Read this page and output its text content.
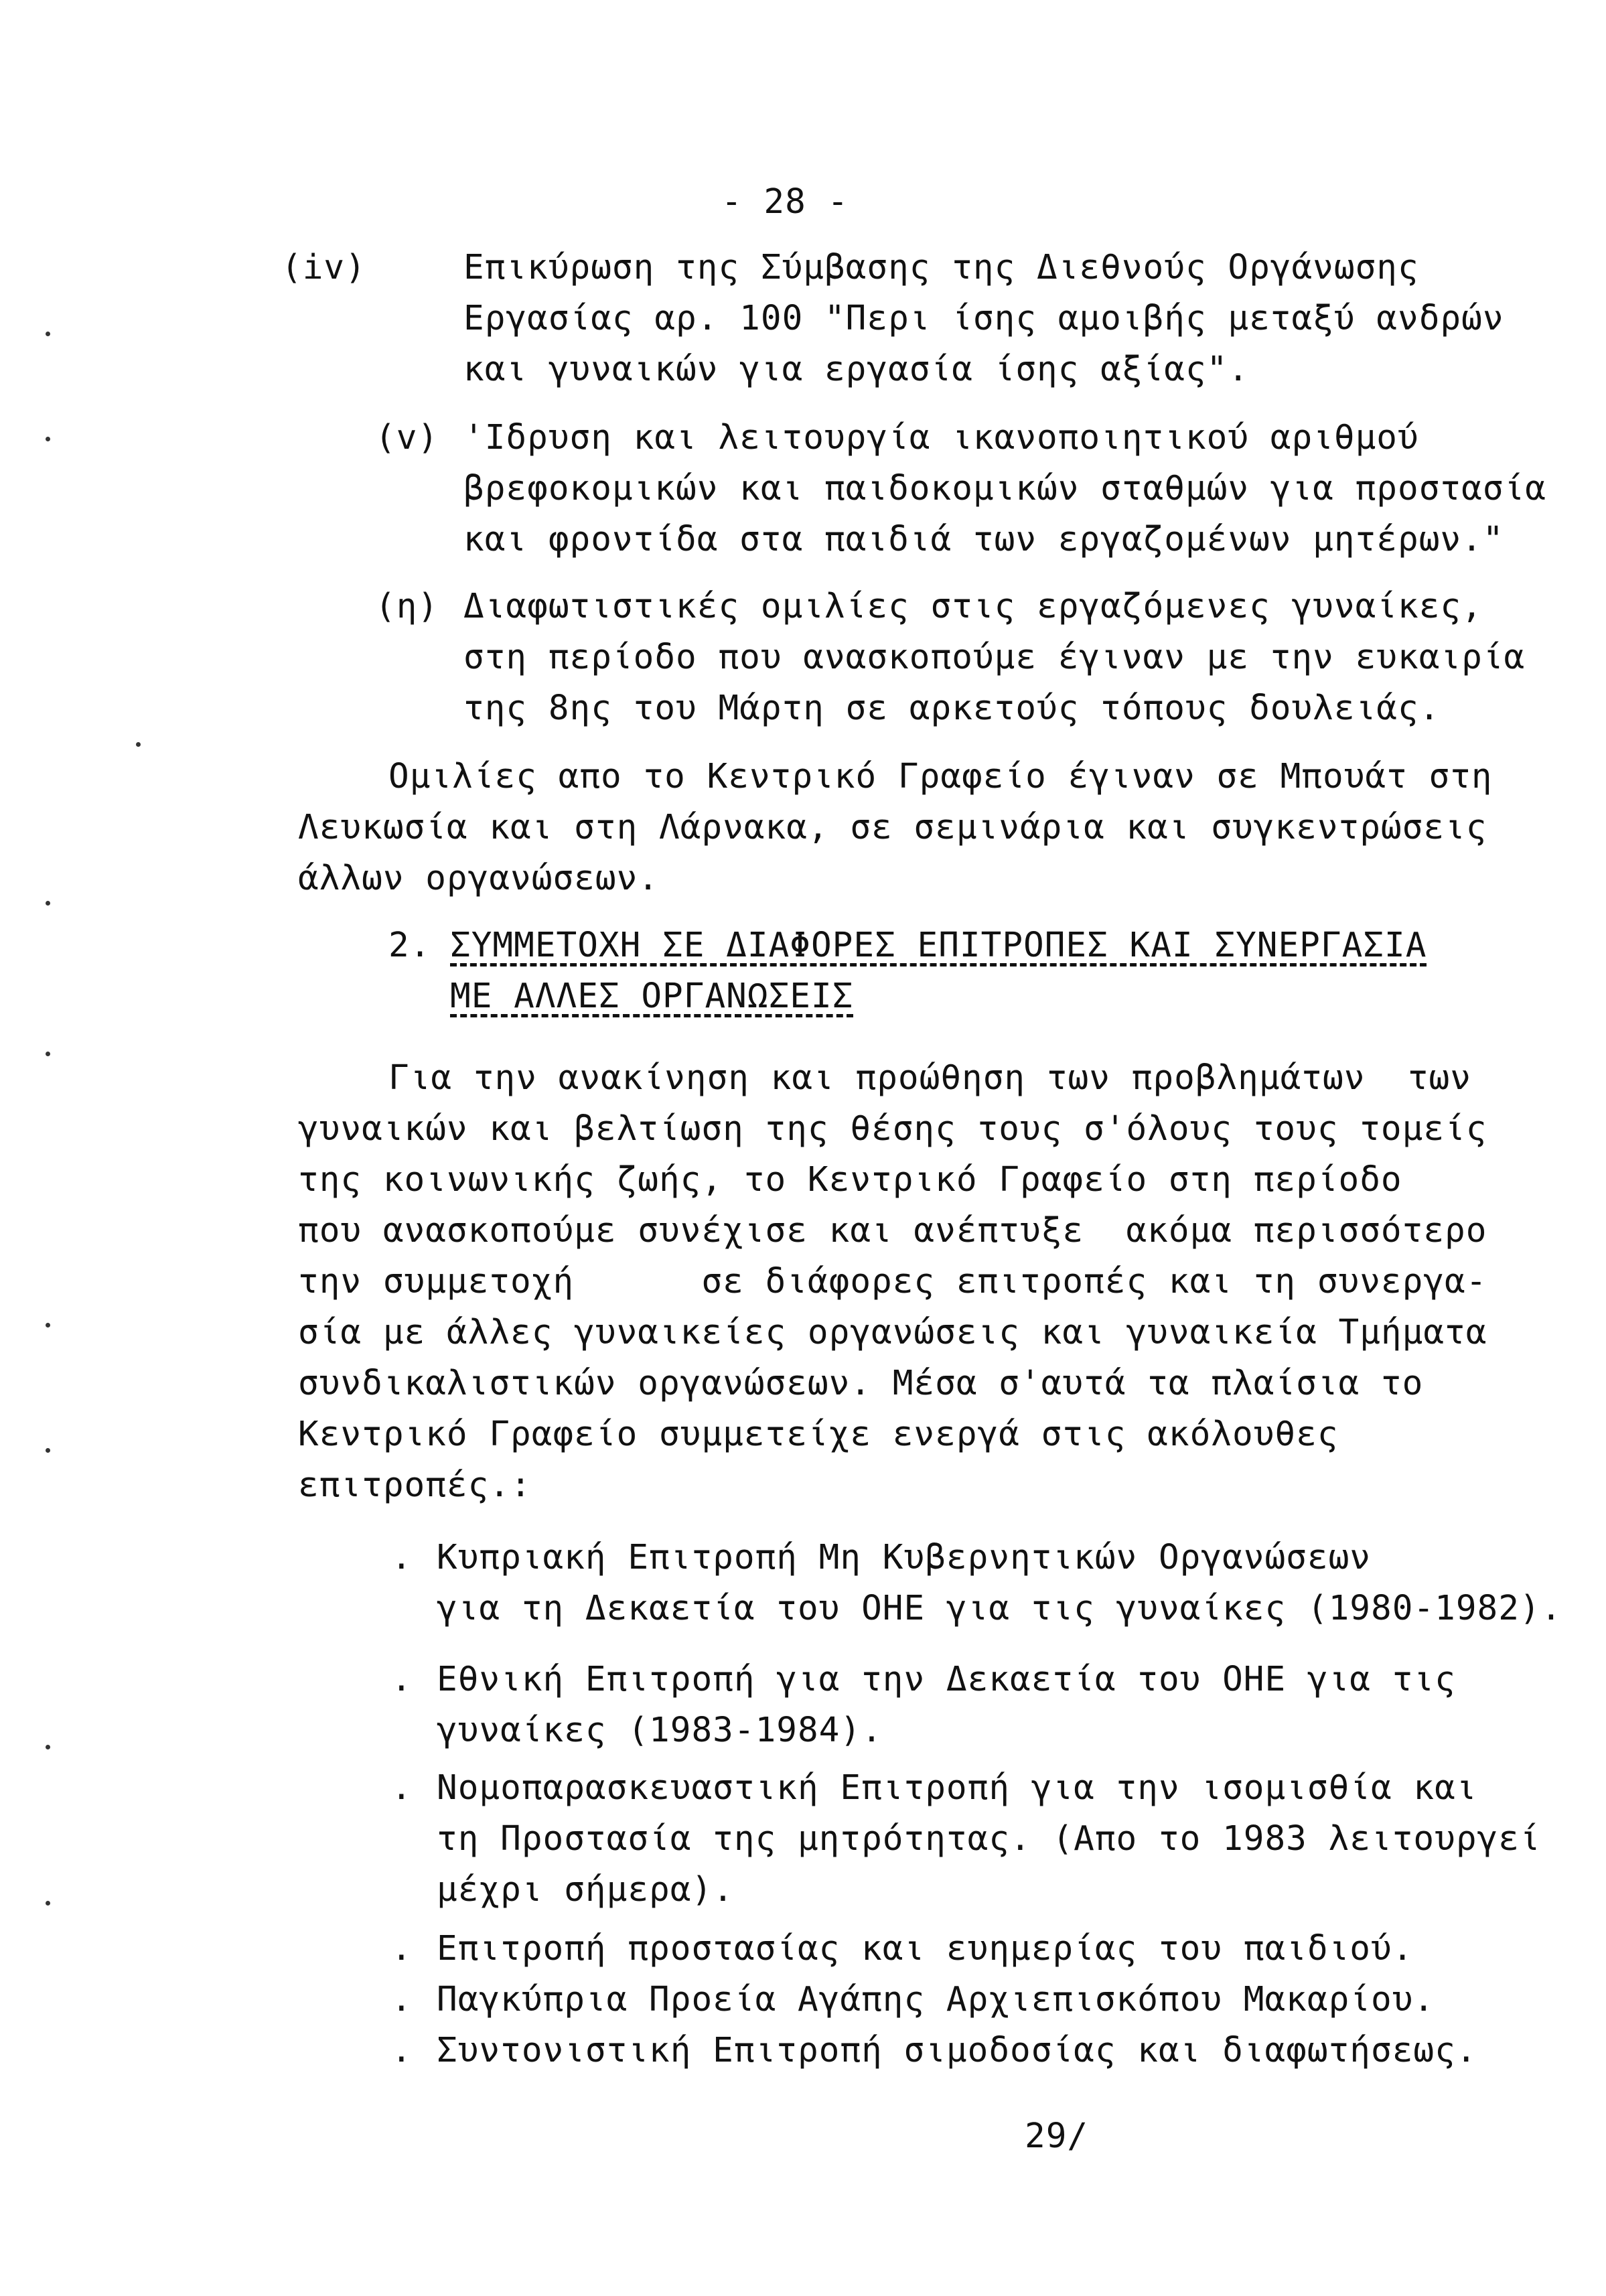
- 28 -
(iv)	Επικύρωση της Σύμβασης της Διεθνούς Οργάνωσης
Εργασίας αρ. 100 "Περι ίσης αμοιβής μεταξύ ανδρών
και γυναικών για εργασία ίσης αξίας".
(v) 'Ιδρυση και λειτουργία ικανοποιητικού αριθμού
βρεφοκομικών και παιδοκομικών σταθμών για προστασία
και φροντίδα στα παιδιά των εργαζομένων μητέρων."
(η) Διαφωτιστικές ομιλίες στις εργαζόμενες γυναίκες,
στη περίοδο που ανασκοπούμε έγιναν με την ευκαιρία
της 8ης του Μάρτη σε αρκετούς τόπους δουλειάς.
Ομιλίες απο το Κεντρικό Γραφείο έγιναν σε Μπουάτ στη
Λευκωσία και στη Λάρνακα, σε σεμινάρια και συγκεντρώσεις
άλλων οργανώσεων.
2. ΣΥΜΜΕΤΟΧΗ ΣΕ ΔΙΑΦΟΡΕΣ ΕΠΙΤΡΟΠΕΣ ΚΑΙ ΣΥΝΕΡΓΑΣΙΑ
ΜΕ ΑΛΛΕΣ ΟΡΓΑΝΩΣΕΙΣ
Για την ανακίνηση και προώθηση των προβλημάτων  των
γυναικών και βελτίωση της θέσης τους σ'όλους τους τομείς
της κοινωνικής ζωής, το Κεντρικό Γραφείο στη περίοδο
που ανασκοπούμε συνέχισε και ανέπτυξε  ακόμα περισσότερο
την συμμετοχή      σε διάφορες επιτροπές και τη συνεργα-
σία με άλλες γυναικείες οργανώσεις και γυναικεία Τμήματα
συνδικαλιστικών οργανώσεων. Μέσα σ'αυτά τα πλαίσια το
Κεντρικό Γραφείο συμμετείχε ενεργά στις ακόλουθες
επιτροπές.:
. Κυπριακή Επιτροπή Μη Κυβερνητικών Οργανώσεων
για τη Δεκαετία του ΟΗΕ για τις γυναίκες (1980-1982).
. Εθνική Επιτροπή για την Δεκαετία του ΟΗΕ για τις
γυναίκες (1983-1984).
. Νομοπαρασκευαστική Επιτροπή για την ισομισθία και
τη Προστασία της μητρότητας. (Απο το 1983 λειτουργεί
μέχρι σήμερα).
. Επιτροπή προστασίας και ευημερίας του παιδιού.
. Παγκύπρια Προεία Αγάπης Αρχιεπισκόπου Μακαρίου.
. Συντονιστική Επιτροπή σιμοδοσίας και διαφωτήσεως.
29/
